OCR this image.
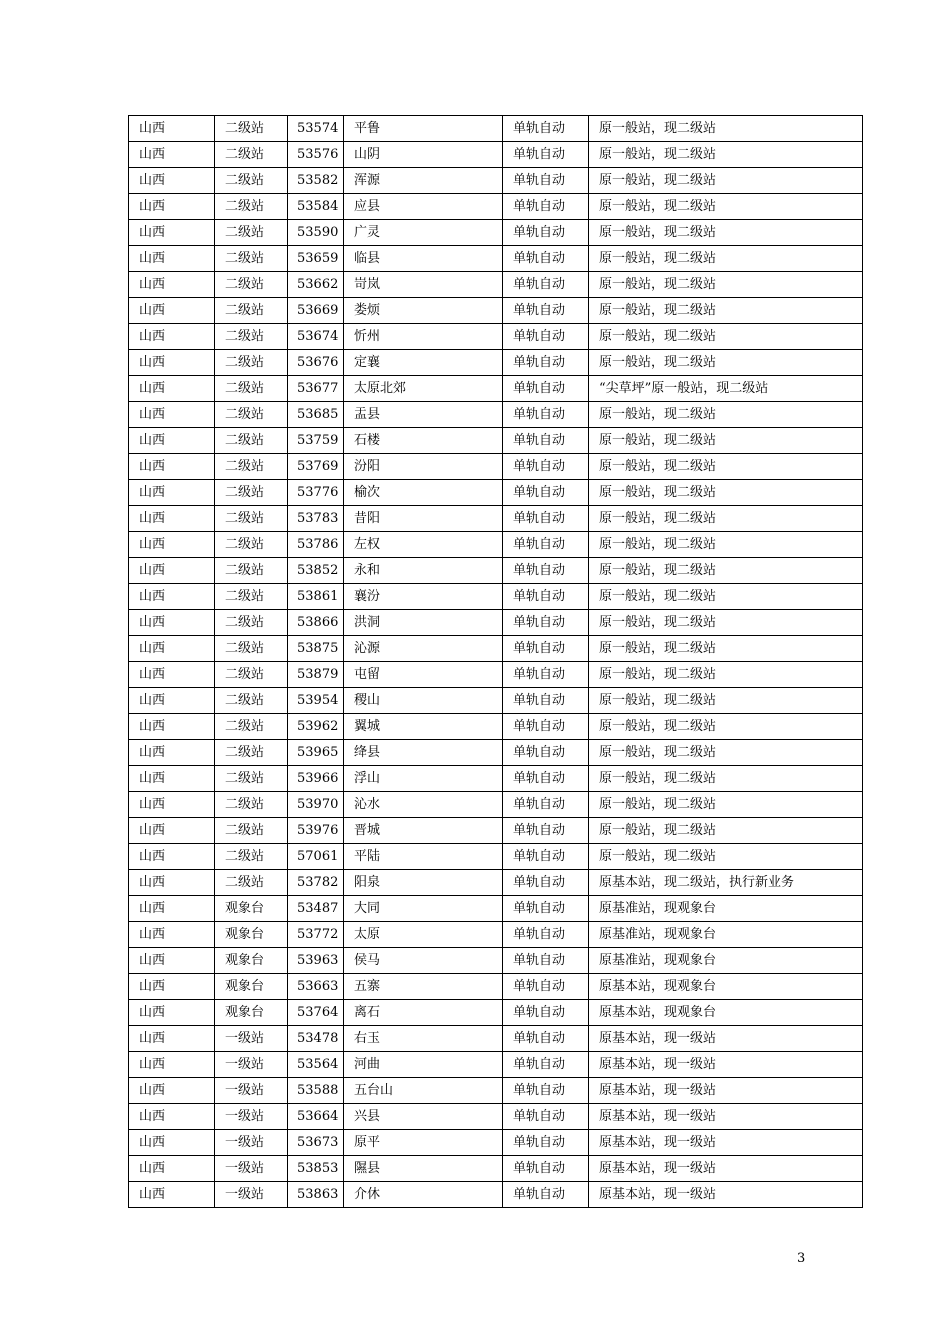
山西	二级站	53574	平鲁	单轨自动	原一般站，现二级站
山西	二级站	53576	山阴	单轨自动	原一般站，现二级站
山西	二级站	53582	浑源	单轨自动	原一般站，现二级站
山西	二级站	53584	应县	单轨自动	原一般站，现二级站
山西	二级站	53590	广灵	单轨自动	原一般站，现二级站
山西	二级站	53659	临县	单轨自动	原一般站，现二级站
山西	二级站	53662	岢岚	单轨自动	原一般站，现二级站
山西	二级站	53669	娄烦	单轨自动	原一般站，现二级站
山西	二级站	53674	忻州	单轨自动	原一般站，现二级站
山西	二级站	53676	定襄	单轨自动	原一般站，现二级站
山西	二级站	53677	太原北郊	单轨自动	“尖草坪”原一般站，现二级站
山西	二级站	53685	盂县	单轨自动	原一般站，现二级站
山西	二级站	53759	石楼	单轨自动	原一般站，现二级站
山西	二级站	53769	汾阳	单轨自动	原一般站，现二级站
山西	二级站	53776	榆次	单轨自动	原一般站，现二级站
山西	二级站	53783	昔阳	单轨自动	原一般站，现二级站
山西	二级站	53786	左权	单轨自动	原一般站，现二级站
山西	二级站	53852	永和	单轨自动	原一般站，现二级站
山西	二级站	53861	襄汾	单轨自动	原一般站，现二级站
山西	二级站	53866	洪洞	单轨自动	原一般站，现二级站
山西	二级站	53875	沁源	单轨自动	原一般站，现二级站
山西	二级站	53879	屯留	单轨自动	原一般站，现二级站
山西	二级站	53954	稷山	单轨自动	原一般站，现二级站
山西	二级站	53962	翼城	单轨自动	原一般站，现二级站
山西	二级站	53965	绛县	单轨自动	原一般站，现二级站
山西	二级站	53966	浮山	单轨自动	原一般站，现二级站
山西	二级站	53970	沁水	单轨自动	原一般站，现二级站
山西	二级站	53976	晋城	单轨自动	原一般站，现二级站
山西	二级站	57061	平陆	单轨自动	原一般站，现二级站
山西	二级站	53782	阳泉	单轨自动	原基本站，现二级站，执行新业务
山西	观象台	53487	大同	单轨自动	原基准站，现观象台
山西	观象台	53772	太原	单轨自动	原基准站，现观象台
山西	观象台	53963	侯马	单轨自动	原基准站，现观象台
山西	观象台	53663	五寨	单轨自动	原基本站，现观象台
山西	观象台	53764	离石	单轨自动	原基本站，现观象台
山西	一级站	53478	右玉	单轨自动	原基本站，现一级站
山西	一级站	53564	河曲	单轨自动	原基本站，现一级站
山西	一级站	53588	五台山	单轨自动	原基本站，现一级站
山西	一级站	53664	兴县	单轨自动	原基本站，现一级站
山西	一级站	53673	原平	单轨自动	原基本站，现一级站
山西	一级站	53853	隰县	单轨自动	原基本站，现一级站
山西	一级站	53863	介休	单轨自动	原基本站，现一级站
3
